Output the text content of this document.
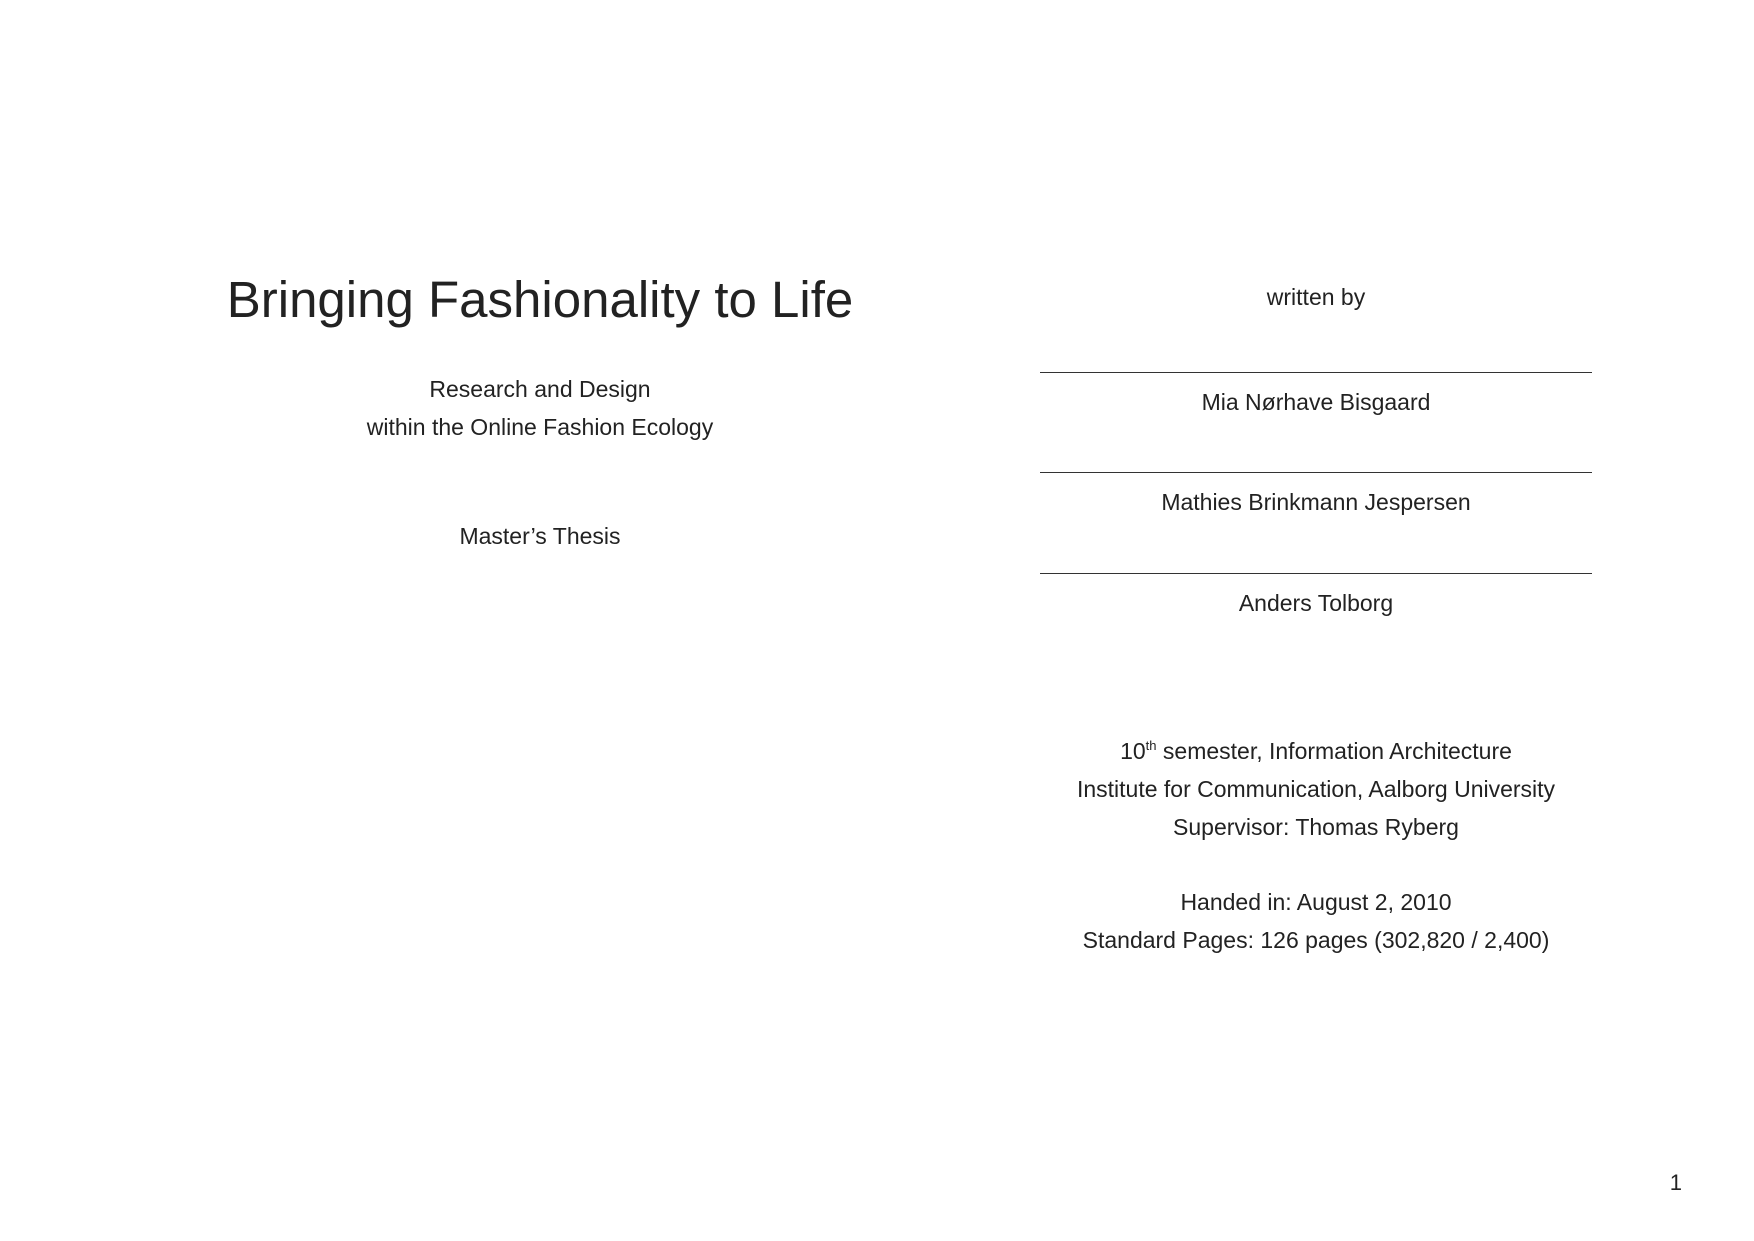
Bringing Fashionality to Life
Research and Design
within the Online Fashion Ecology
Master’s Thesis
written by
Mia Nørhave Bisgaard
Mathies Brinkmann Jespersen
Anders Tolborg
10th semester, Information Architecture
Institute for Communication, Aalborg University
Supervisor: Thomas Ryberg
Handed in: August 2, 2010
Standard Pages: 126 pages (302,820 / 2,400)
1
